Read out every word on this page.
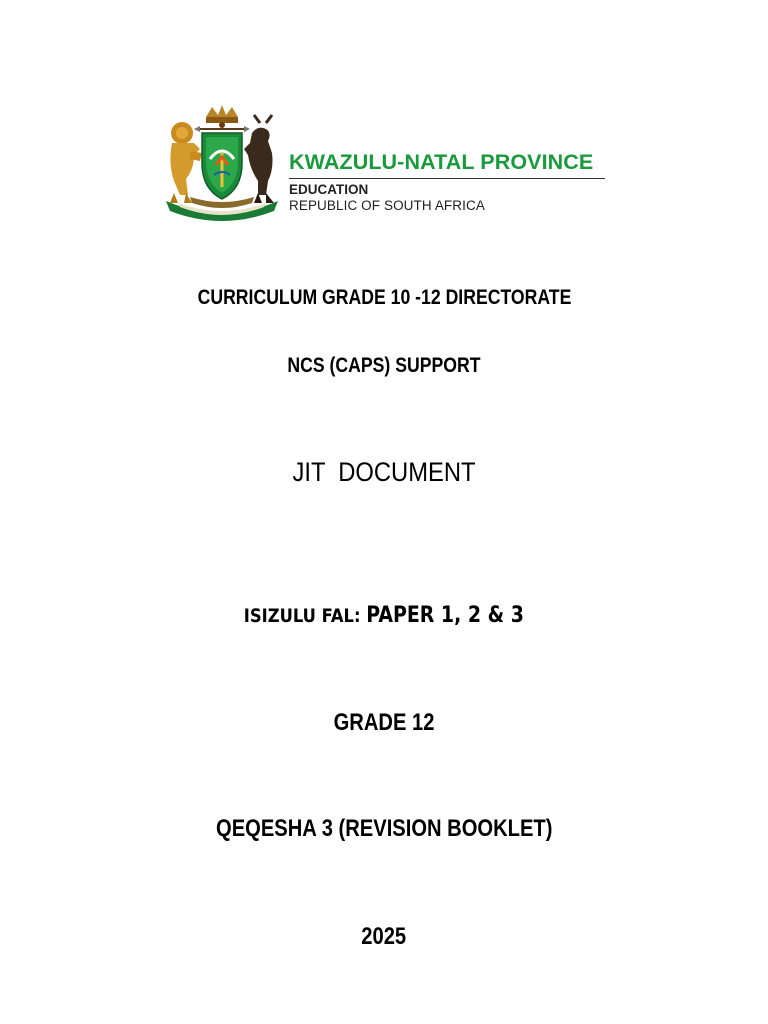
KWAZULU-NATAL PROVINCE
EDUCATION
REPUBLIC OF SOUTH AFRICA
CURRICULUM GRADE 10 -12 DIRECTORATE
NCS (CAPS) SUPPORT
JIT  DOCUMENT
ISIZULU FAL: PAPER 1, 2 & 3
GRADE 12
QEQESHA 3 (REVISION BOOKLET)
2025
